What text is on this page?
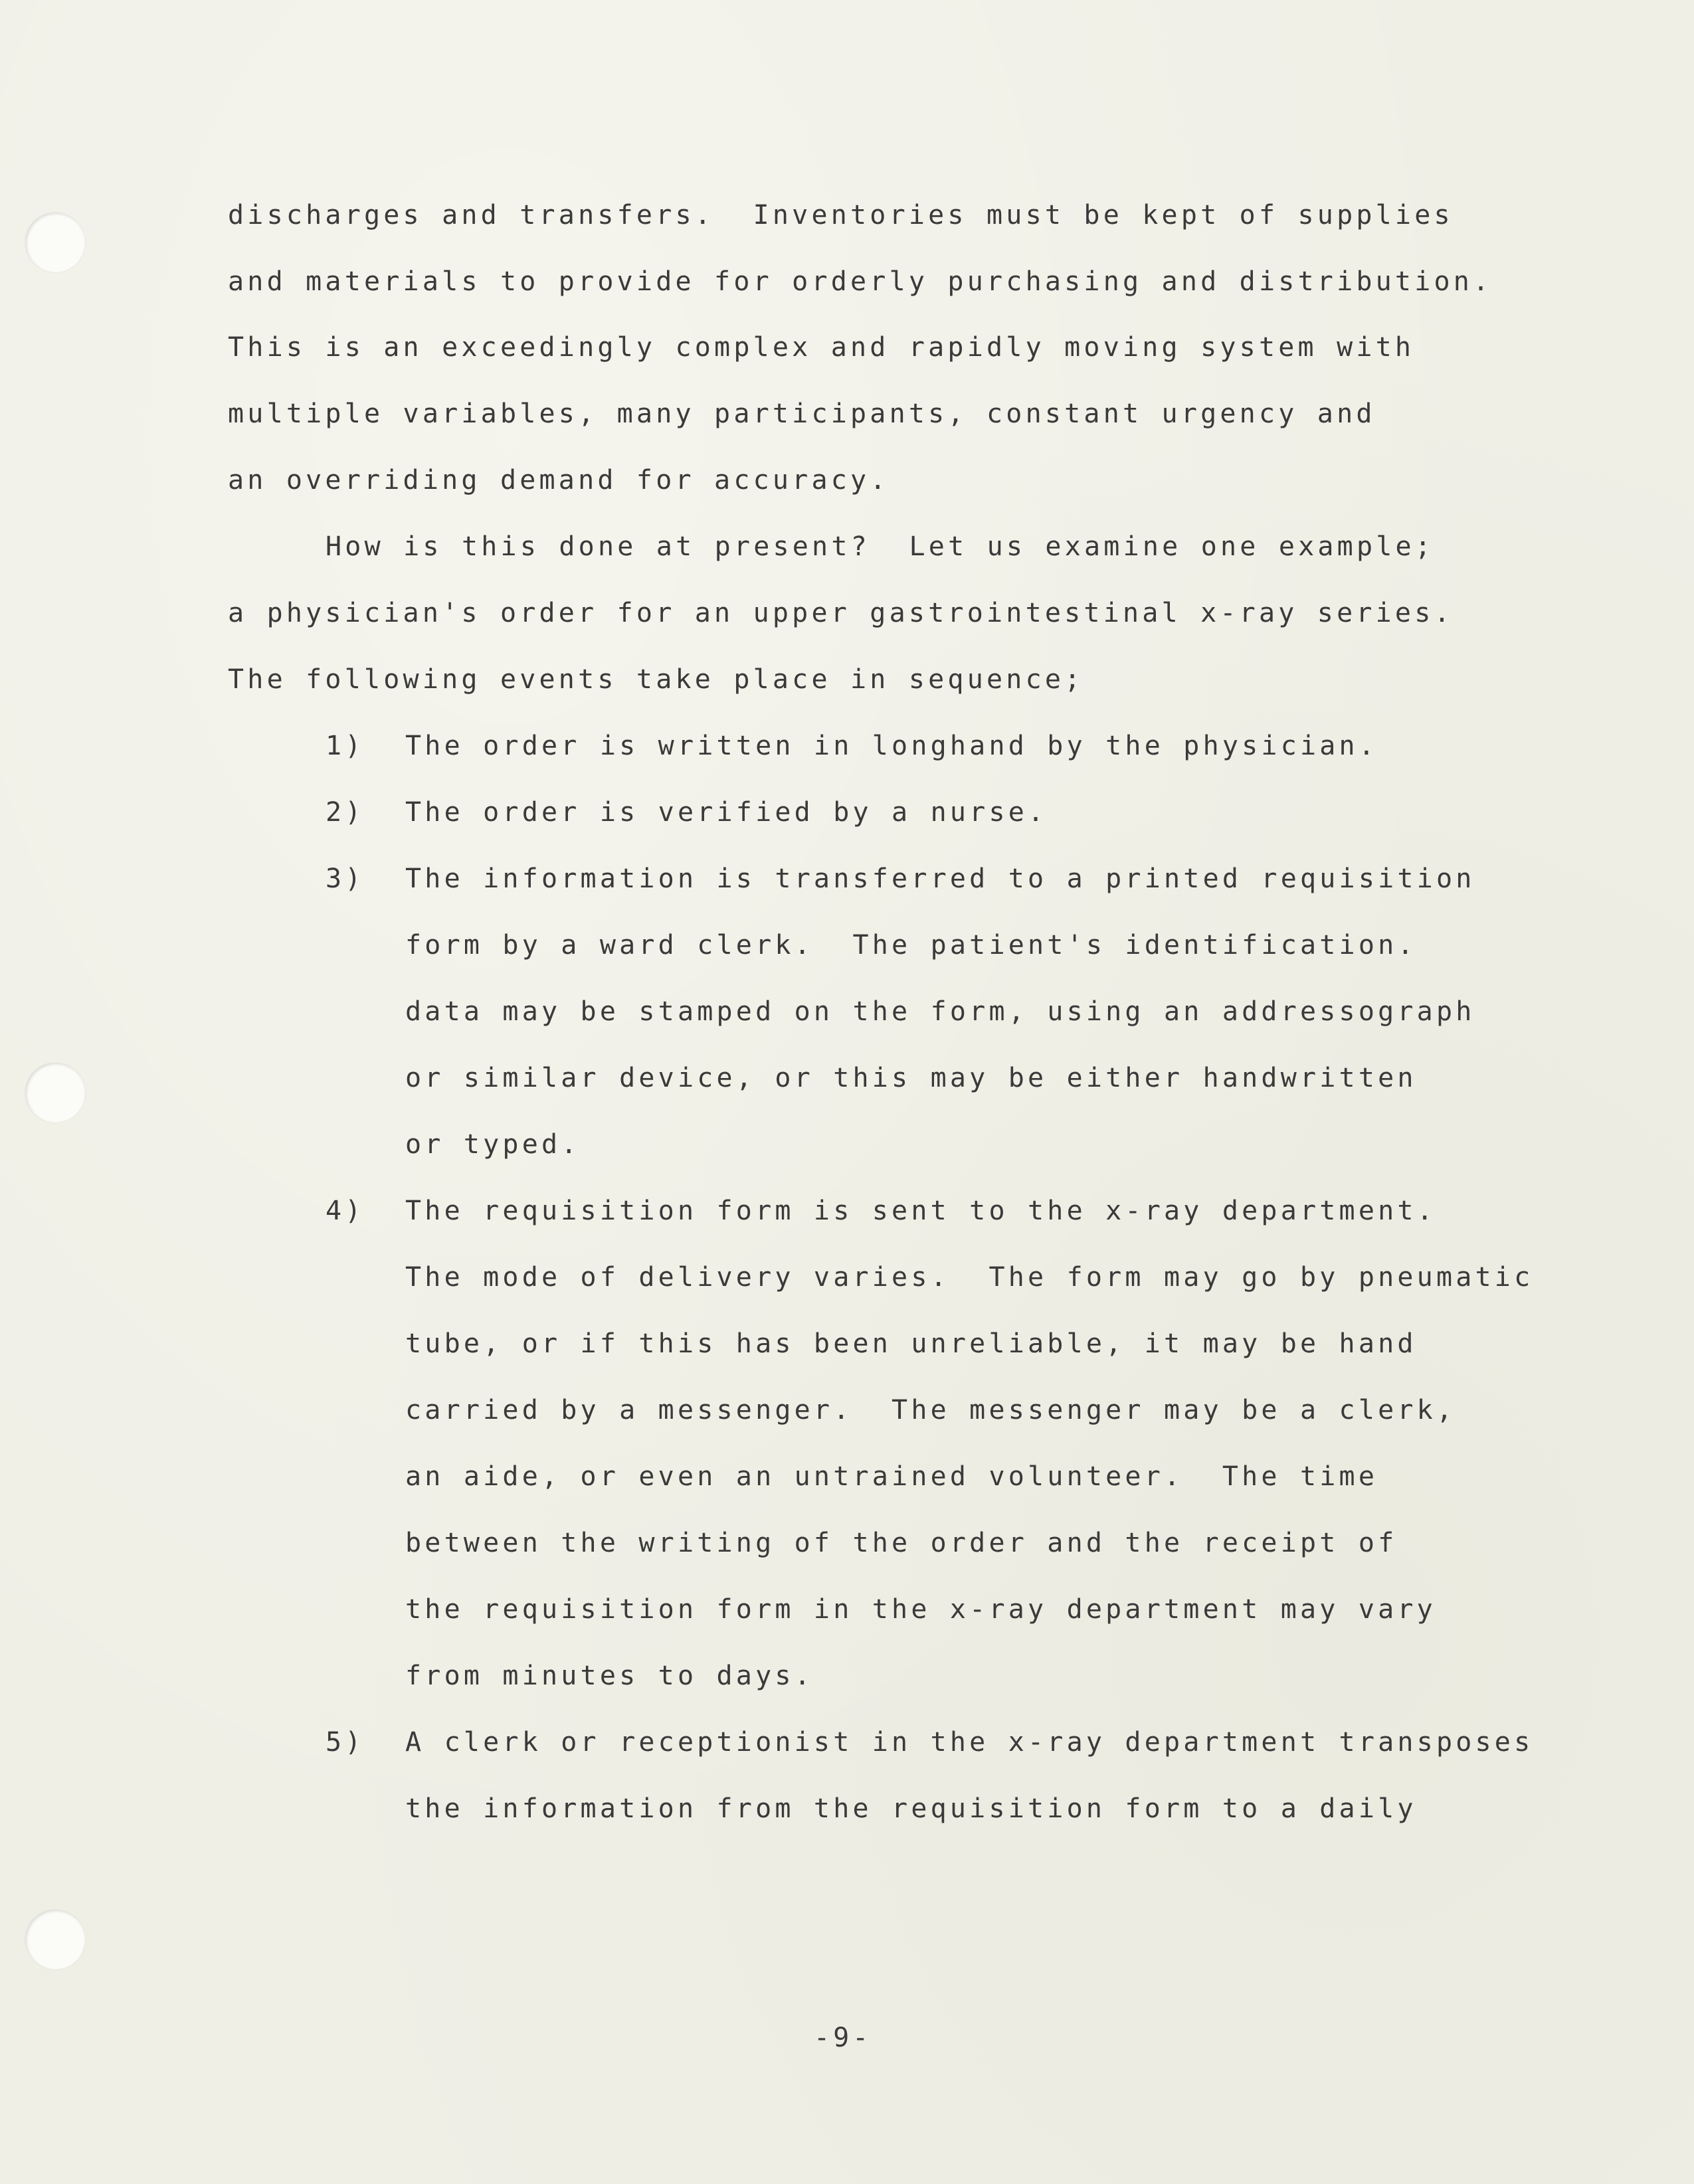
discharges and transfers.  Inventories must be kept of supplies

and materials to provide for orderly purchasing and distribution.

This is an exceedingly complex and rapidly moving system with

multiple variables, many participants, constant urgency and

an overriding demand for accuracy.

How is this done at present?  Let us examine one example;

a physician's order for an upper gastrointestinal x-ray series.

The following events take place in sequence;

1) The order is written in longhand by the physician.

2) The order is verified by a nurse.

3) The information is transferred to a printed requisition

form by a ward clerk.  The patient's identification.

data may be stamped on the form, using an addressograph

or similar device, or this may be either handwritten

or typed.

4) The requisition form is sent to the x-ray department.

The mode of delivery varies.  The form may go by pneumatic

tube, or if this has been unreliable, it may be hand

carried by a messenger.  The messenger may be a clerk,

an aide, or even an untrained volunteer.  The time

between the writing of the order and the receipt of

the requisition form in the x-ray department may vary

from minutes to days.

5) A clerk or receptionist in the x-ray department transposes

the information from the requisition form to a daily

-9-
